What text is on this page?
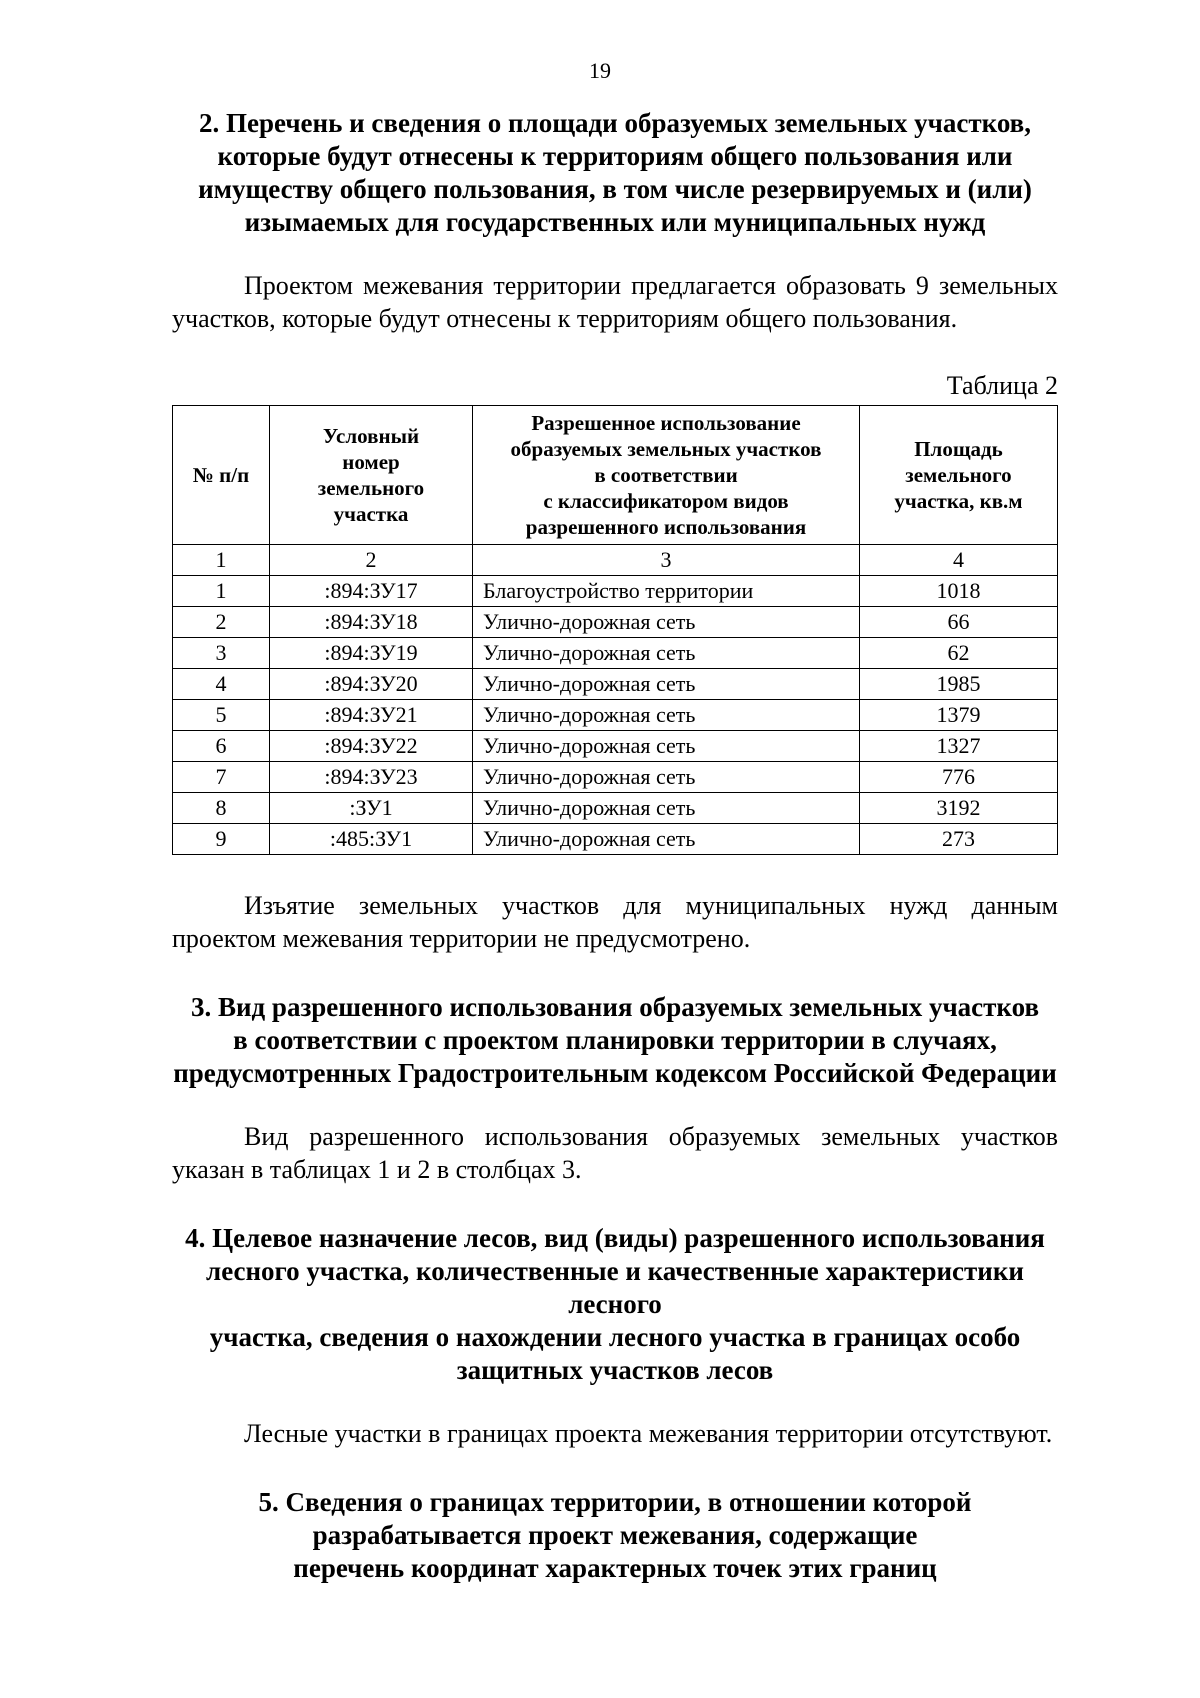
19
2. Перечень и сведения о площади образуемых земельных участков,
которые будут отнесены к территориям общего пользования или
имуществу общего пользования, в том числе резервируемых и (или)
изымаемых для государственных или муниципальных нужд

Проектом межевания территории предлагается образовать 9 земельных участков, которые будут отнесены к территориям общего пользования.

Таблица 2
№ п/п	Условный
номер
земельного
участка	Разрешенное использование
образуемых земельных участков
в соответствии
с классификатором видов
разрешенного использования	Площадь земельного
участка, кв.м
1	2	3	4
1	:894:ЗУ17	Благоустройство территории	1018
2	:894:ЗУ18	Улично-дорожная сеть	66
3	:894:ЗУ19	Улично-дорожная сеть	62
4	:894:ЗУ20	Улично-дорожная сеть	1985
5	:894:ЗУ21	Улично-дорожная сеть	1379
6	:894:ЗУ22	Улично-дорожная сеть	1327
7	:894:ЗУ23	Улично-дорожная сеть	776
8	:ЗУ1	Улично-дорожная сеть	3192
9	:485:ЗУ1	Улично-дорожная сеть	273

Изъятие земельных участков для муниципальных нужд данным проектом межевания территории не предусмотрено.

3. Вид разрешенного использования образуемых земельных участков
в соответствии с проектом планировки территории в случаях,
предусмотренных Градостроительным кодексом Российской Федерации

Вид разрешенного использования образуемых земельных участков указан в таблицах 1 и 2 в столбцах 3.

4. Целевое назначение лесов, вид (виды) разрешенного использования
лесного участка, количественные и качественные характеристики лесного
участка, сведения о нахождении лесного участка в границах особо
защитных участков лесов

Лесные участки в границах проекта межевания территории отсутствуют.

5. Сведения о границах территории, в отношении которой
разрабатывается проект межевания, содержащие
перечень координат характерных точек этих границ
